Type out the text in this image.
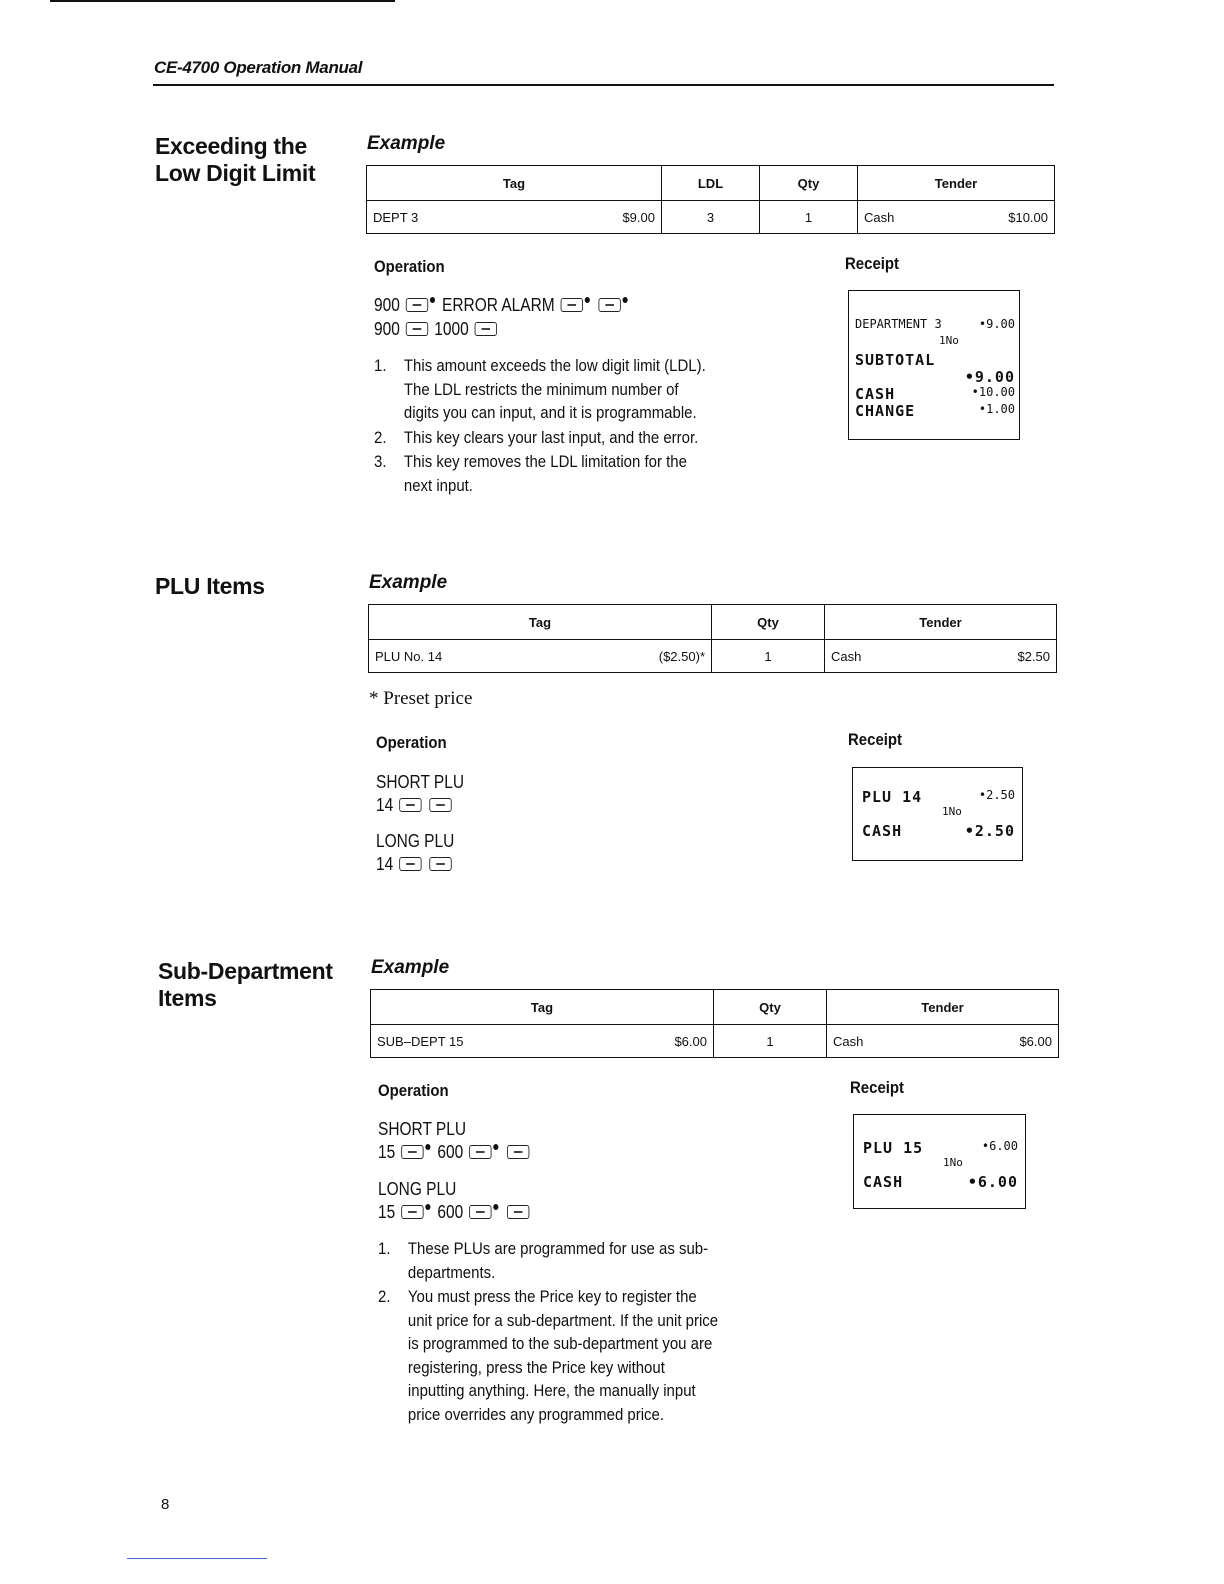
CE-4700 Operation Manual
Exceeding the
Low Digit Limit
Example
Tag	LDL	Qty	Tender

DEPT 3 $9.00	3	1	Cash $10.00
Operation	Receipt
900 ERROR ALARM
900 1000
1. This amount exceeds the low digit limit (LDL). The LDL restricts the minimum number of digits you can input, and it is programmable.
2. This key clears your last input, and the error.
3. This key removes the LDL limitation for the next input.
DEPARTMENT 3	•9.00
1No
SUBTOTAL
•9.00
CASH	•10.00
CHANGE	•1.00
PLU Items	Example
Tag	Qty	Tender

PLU No. 14 ($2.50)*	1	Cash $2.50
* Preset price
Operation	Receipt
SHORT PLU
14
LONG PLU
14
PLU 14	•2.50
1No
CASH	•2.50
Sub-Department
Items
Example
Tag	Qty	Tender

SUB–DEPT 15 $6.00	1	Cash $6.00
Operation	Receipt
SHORT PLU
15 600
LONG PLU
15 600
1. These PLUs are programmed for use as sub-departments.
2. You must press the Price key to register the unit price for a sub-department. If the unit price is programmed to the sub-department you are registering, press the Price key without inputting anything. Here, the manually input price overrides any programmed price.
PLU 15	•6.00
1No
CASH	•6.00
8
